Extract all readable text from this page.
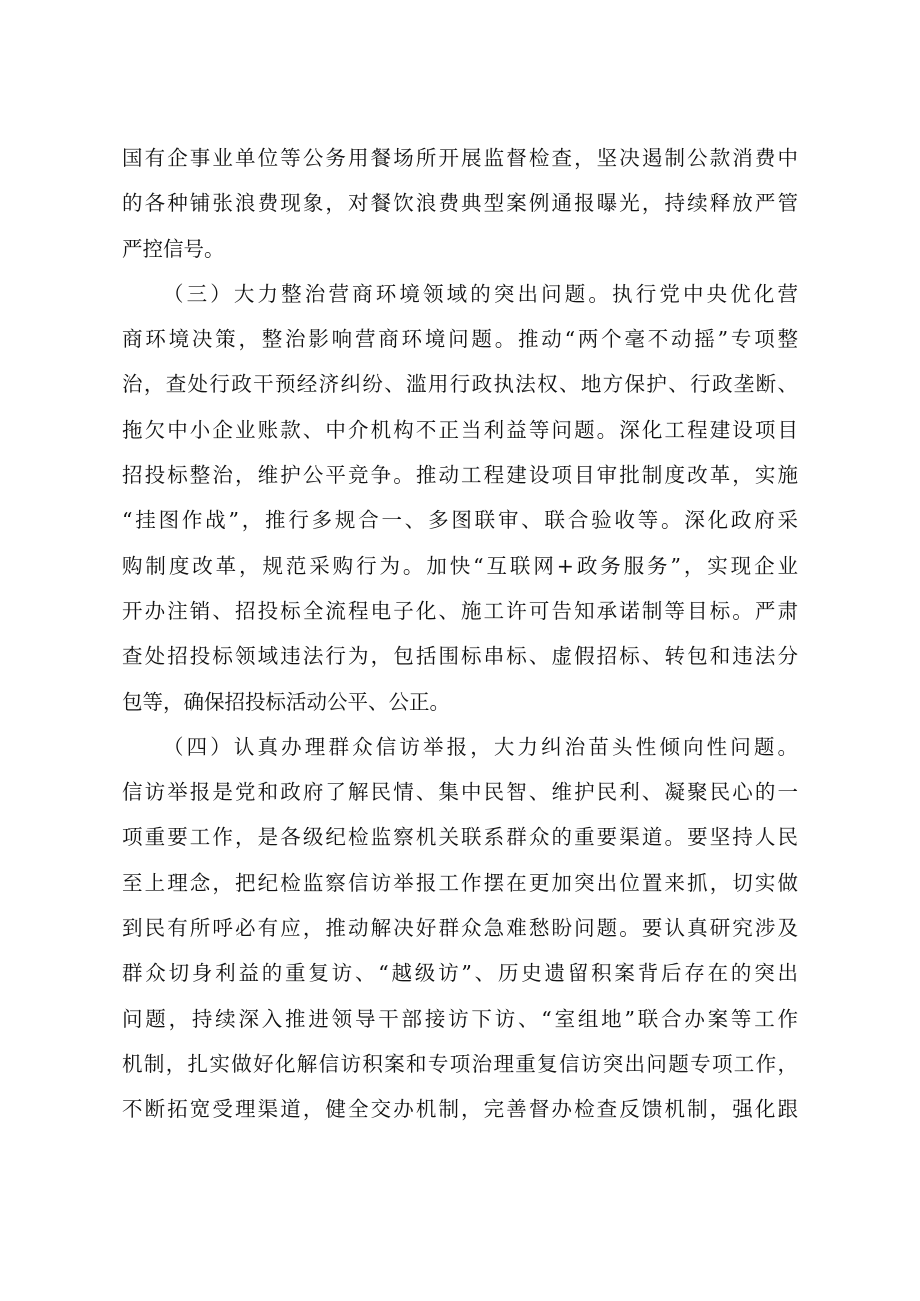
国有企事业单位等公务用餐场所开展监督检查，坚决遏制公款消费中
的各种铺张浪费现象，对餐饮浪费典型案例通报曝光，持续释放严管
严控信号。
（三）大力整治营商环境领域的突出问题。执行党中央优化营
商环境决策，整治影响营商环境问题。推动“两个毫不动摇”专项整
治，查处行政干预经济纠纷、滥用行政执法权、地方保护、行政垄断、
拖欠中小企业账款、中介机构不正当利益等问题。深化工程建设项目
招投标整治，维护公平竞争。推动工程建设项目审批制度改革，实施
“挂图作战”，推行多规合一、多图联审、联合验收等。深化政府采
购制度改革，规范采购行为。加快“互联网+政务服务”，实现企业
开办注销、招投标全流程电子化、施工许可告知承诺制等目标。严肃
查处招投标领域违法行为，包括围标串标、虚假招标、转包和违法分
包等，确保招投标活动公平、公正。
（四）认真办理群众信访举报，大力纠治苗头性倾向性问题。
信访举报是党和政府了解民情、集中民智、维护民利、凝聚民心的一
项重要工作，是各级纪检监察机关联系群众的重要渠道。要坚持人民
至上理念，把纪检监察信访举报工作摆在更加突出位置来抓，切实做
到民有所呼必有应，推动解决好群众急难愁盼问题。要认真研究涉及
群众切身利益的重复访、“越级访”、历史遗留积案背后存在的突出
问题，持续深入推进领导干部接访下访、“室组地”联合办案等工作
机制，扎实做好化解信访积案和专项治理重复信访突出问题专项工作，
不断拓宽受理渠道，健全交办机制，完善督办检查反馈机制，强化跟
